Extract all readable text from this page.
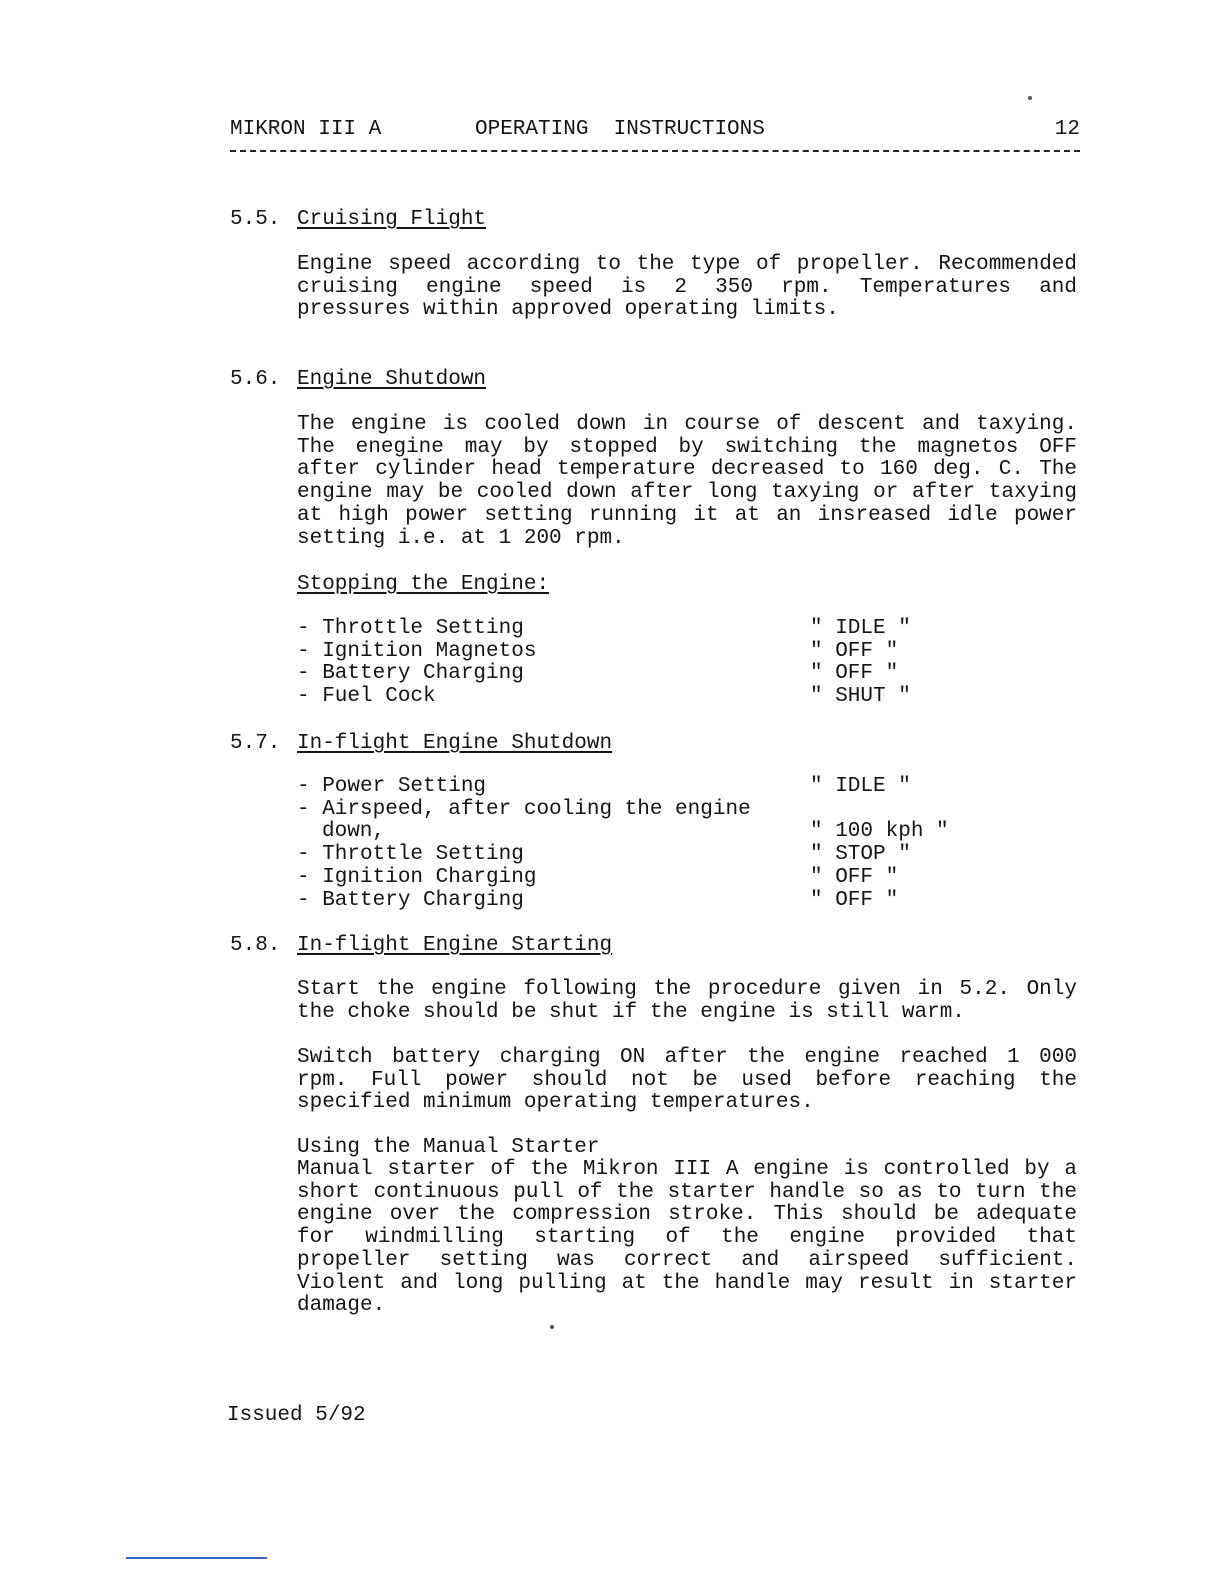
MIKRON III A	OPERATING  INSTRUCTIONS	12
5.5. Cruising Flight
Engine speed according to the type of propeller. Recommended cruising engine speed is 2 350 rpm. Temperatures and pressures within approved operating limits.
5.6. Engine Shutdown
The engine is cooled down in course of descent and taxying. The enegine may by stopped by switching the magnetos OFF after cylinder head temperature decreased to 160 deg. C. The engine may be cooled down after long taxying or after taxying at high power setting running it at an insreased idle power setting i.e. at 1 200 rpm.
Stopping the Engine:
- Throttle Setting	" IDLE "
- Ignition Magnetos	" OFF "
- Battery Charging	" OFF "
- Fuel Cock	" SHUT "
5.7. In-flight Engine Shutdown
- Power Setting	" IDLE "
- Airspeed, after cooling the engine down,	" 100 kph "
- Throttle Setting	" STOP "
- Ignition Charging	" OFF "
- Battery Charging	" OFF "
5.8. In-flight Engine Starting
Start the engine following the procedure given in 5.2. Only the choke should be shut if the engine is still warm.
Switch battery charging ON after the engine reached 1 000 rpm. Full power should not be used before reaching the specified minimum operating temperatures.
Using the Manual Starter
Manual starter of the Mikron III A engine is controlled by a short continuous pull of the starter handle so as to turn the engine over the compression stroke. This should be adequate for windmilling starting of the engine provided that propeller setting was correct and airspeed sufficient. Violent and long pulling at the handle may result in starter damage.
Issued 5/92
